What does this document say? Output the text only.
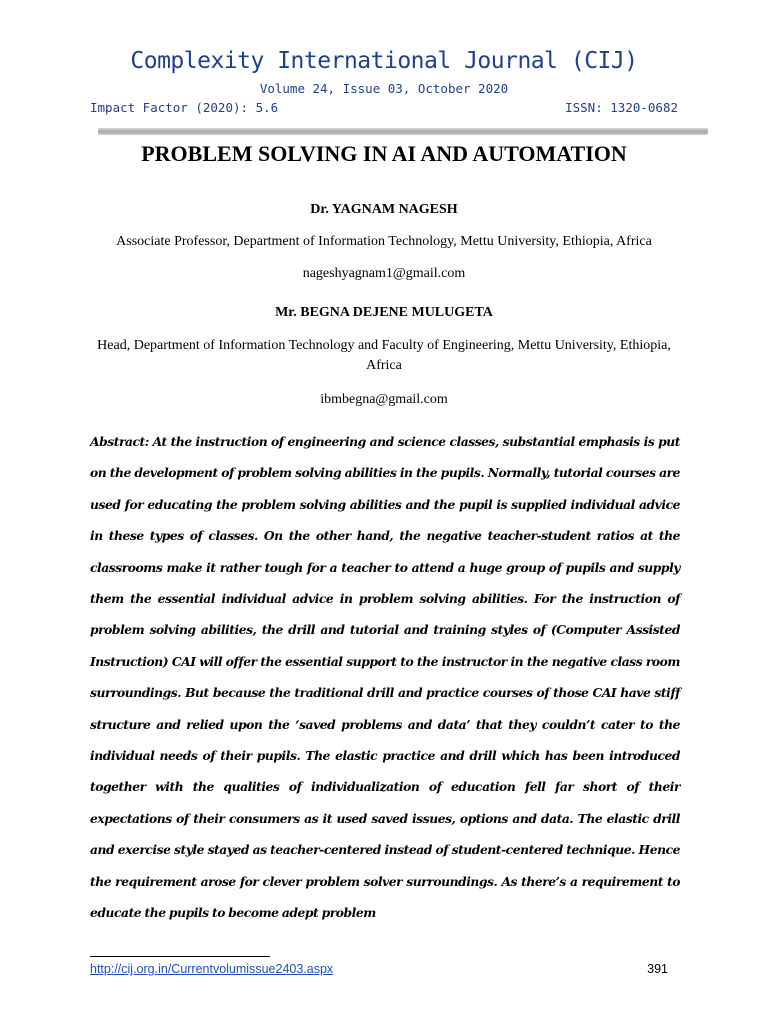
Complexity International Journal (CIJ)
Volume 24, Issue 03, October 2020
Impact Factor (2020): 5.6	ISSN: 1320-0682
PROBLEM SOLVING IN AI AND AUTOMATION
Dr. YAGNAM NAGESH
Associate Professor, Department of Information Technology, Mettu University, Ethiopia, Africa
nageshyagnam1@gmail.com
Mr. BEGNA DEJENE MULUGETA
Head, Department of Information Technology and Faculty of Engineering, Mettu University, Ethiopia, Africa
ibmbegna@gmail.com

Abstract: At the instruction of engineering and science classes, substantial emphasis is put on the development of problem solving abilities in the pupils. Normally, tutorial courses are used for educating the problem solving abilities and the pupil is supplied individual advice in these types of classes. On the other hand, the negative teacher-student ratios at the classrooms make it rather tough for a teacher to attend a huge group of pupils and supply them the essential individual advice in problem solving abilities. For the instruction of problem solving abilities, the drill and tutorial and training styles of (Computer Assisted Instruction) CAI will offer the essential support to the instructor in the negative class room surroundings. But because the traditional drill and practice courses of those CAI have stiff structure and relied upon the ‘saved problems and data’ that they couldn’t cater to the individual needs of their pupils. The elastic practice and drill which has been introduced together with the qualities of individualization of education fell far short of their expectations of their consumers as it used saved issues, options and data. The elastic drill and exercise style stayed as teacher-centered instead of student-centered technique. Hence the requirement arose for clever problem solver surroundings. As there’s a requirement to educate the pupils to become adept problem

http://cij.org.in/Currentvolumissue2403.aspx	391
